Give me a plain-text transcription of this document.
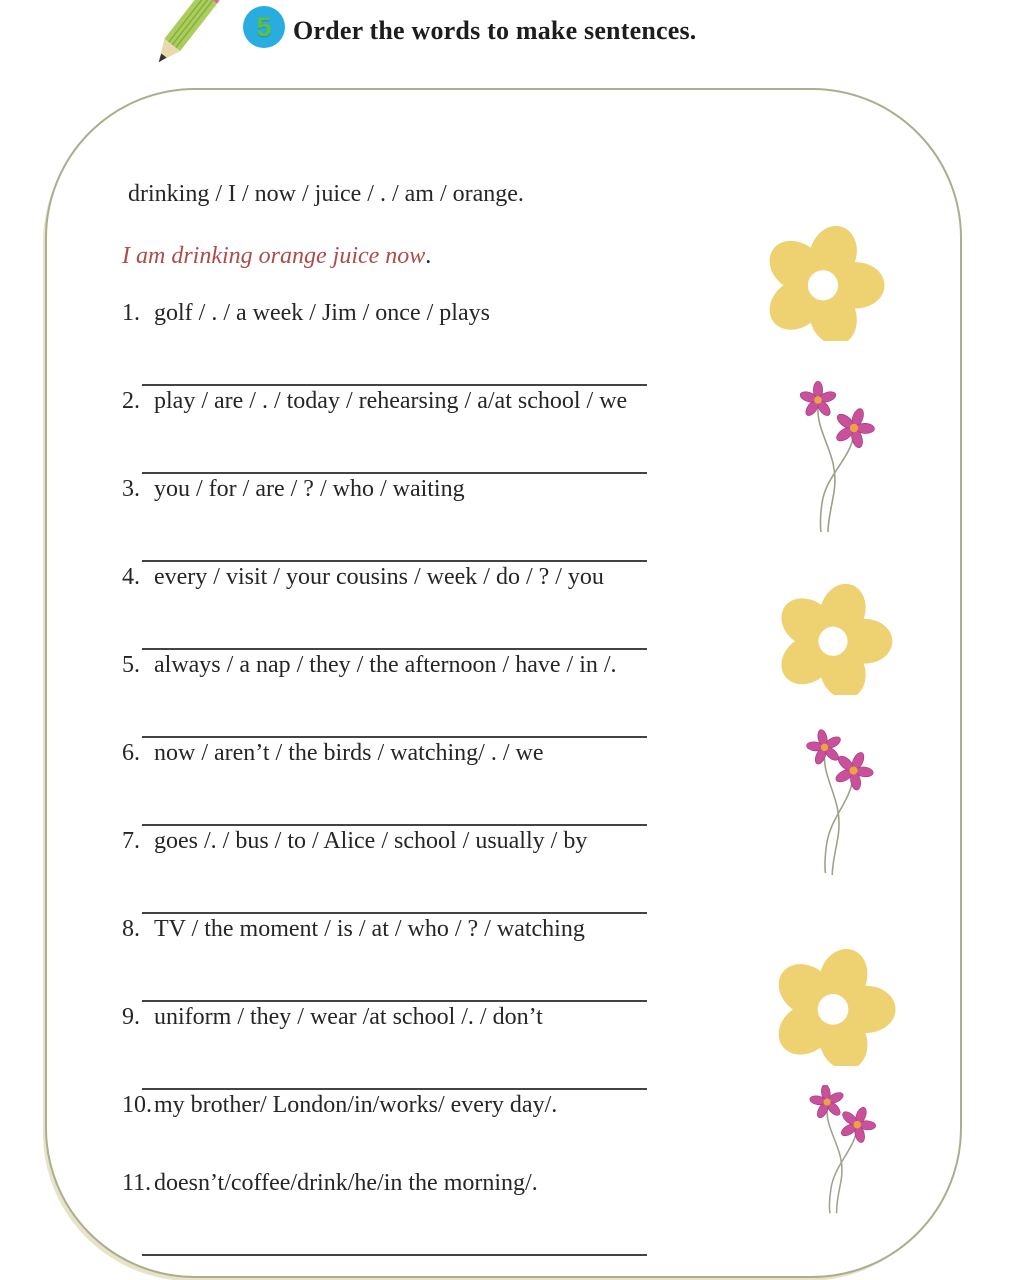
5 Order the words to make sentences.
drinking / I / now / juice / . / am / orange.
I am drinking orange juice now.
1. golf / . / a week / Jim / once / plays
2. play / are / . / today / rehearsing / a/at school / we
3. you / for / are / ? / who / waiting
4. every / visit / your cousins / week / do / ? / you
5. always / a nap / they / the afternoon / have / in /.
6. now / aren’t / the birds / watching/ . / we
7. goes /. / bus / to / Alice / school / usually / by
8. TV / the moment / is / at / who / ? / watching
9. uniform / they / wear /at school /. / don’t
10. my brother/ London/in/works/ every day/.
11. doesn’t/coffee/drink/he/in the morning/.
